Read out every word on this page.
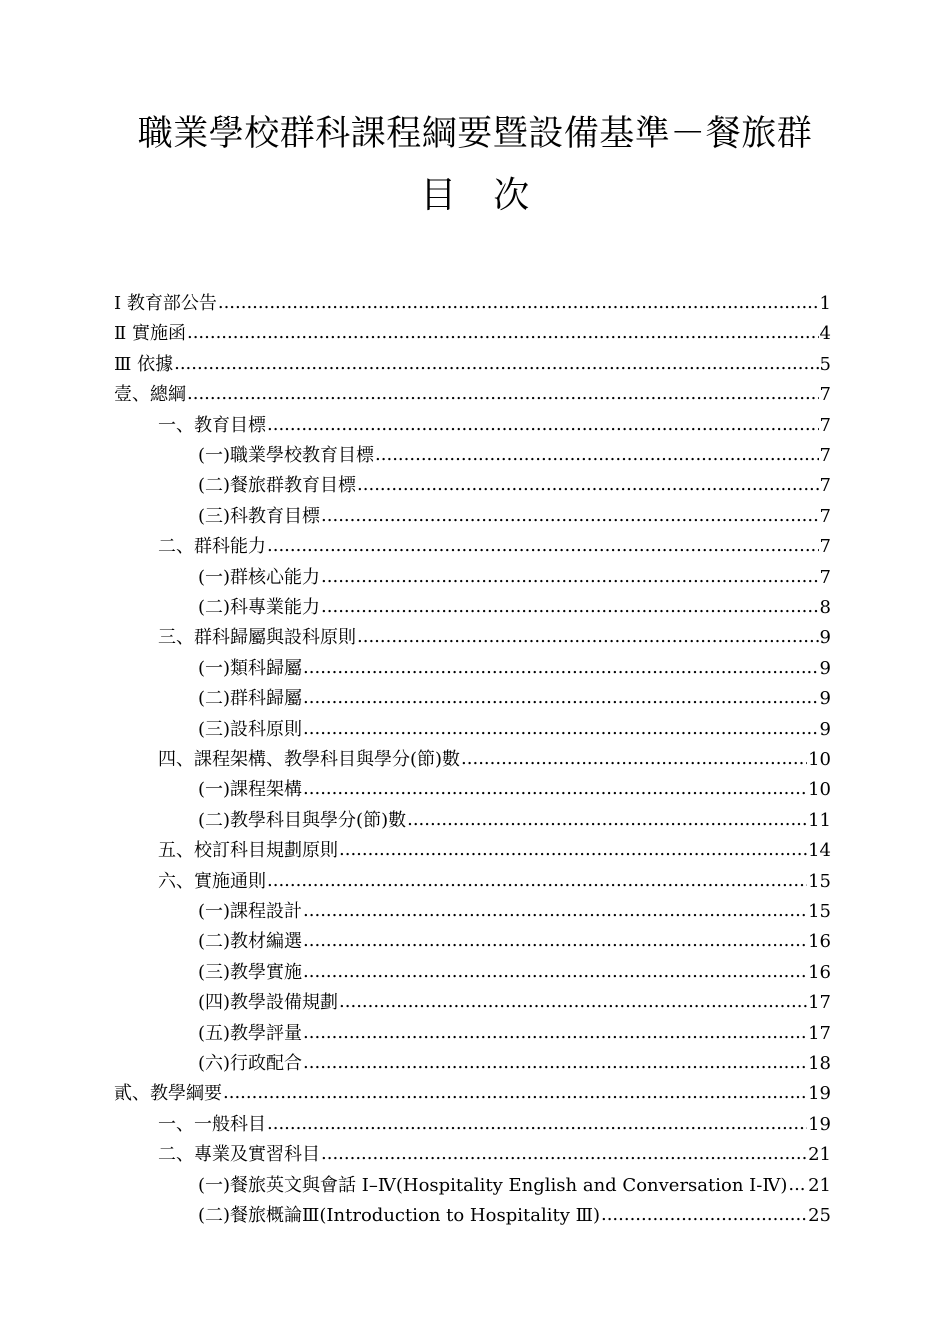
職業學校群科課程綱要暨設備基準－餐旅群
目　次
Ⅰ 教育部公告 .....	1
Ⅱ 實施函 .....	4
Ⅲ 依據 .....	5
壹、總綱 .....	7
一、教育目標 .....	7
(一)職業學校教育目標 .....	7
(二)餐旅群教育目標 .....	7
(三)科教育目標 .....	7
二、群科能力 .....	7
(一)群核心能力 .....	7
(二)科專業能力 .....	8
三、群科歸屬與設科原則 .....	9
(一)類科歸屬 .....	9
(二)群科歸屬 .....	9
(三)設科原則 .....	9
四、課程架構、教學科目與學分(節)數 .....	10
(一)課程架構 .....	10
(二)教學科目與學分(節)數 .....	11
五、校訂科目規劃原則 .....	14
六、實施通則 .....	15
(一)課程設計 .....	15
(二)教材編選 .....	16
(三)教學實施 .....	16
(四)教學設備規劃 .....	17
(五)教學評量 .....	17
(六)行政配合 .....	18
貳、教學綱要 .....	19
一、一般科目 .....	19
二、專業及實習科目 .....	21
(一)餐旅英文與會話 I–Ⅳ(Hospitality English and Conversation I-Ⅳ) ..... 21
(二)餐旅概論Ⅲ(Introduction to Hospitality Ⅲ) .....	25
